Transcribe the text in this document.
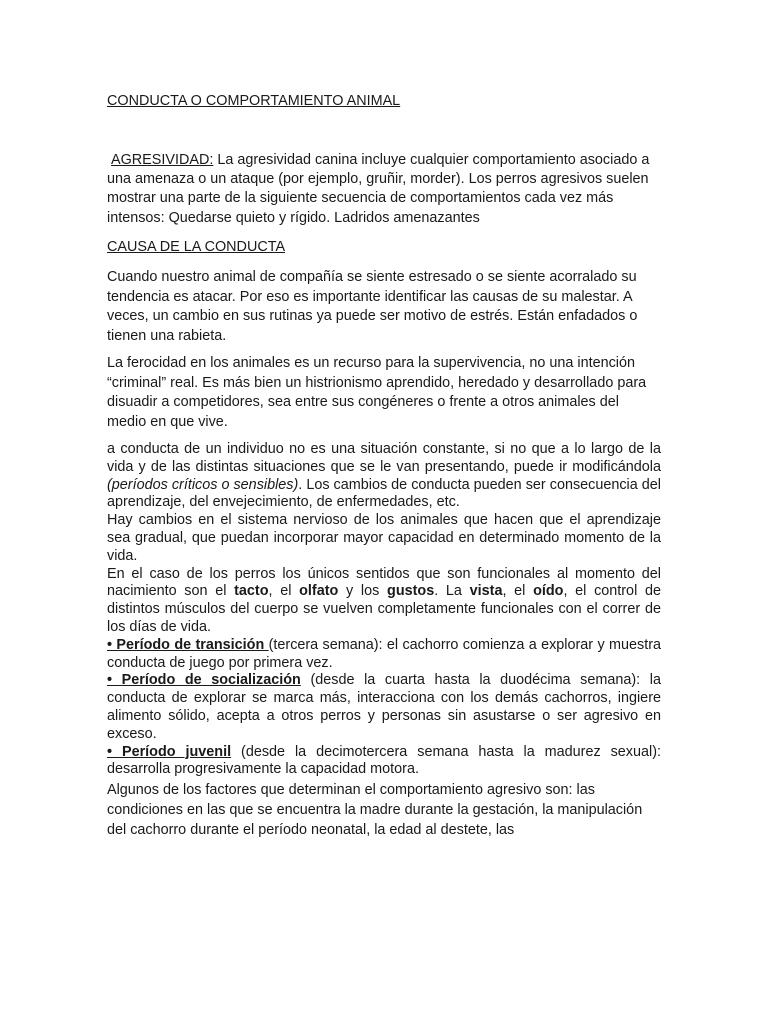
CONDUCTA O COMPORTAMIENTO ANIMAL
AGRESIVIDAD: La agresividad canina incluye cualquier comportamiento asociado a una amenaza o un ataque (por ejemplo, gruñir, morder). Los perros agresivos suelen mostrar una parte de la siguiente secuencia de comportamientos cada vez más intensos: Quedarse quieto y rígido. Ladridos amenazantes
CAUSA DE LA CONDUCTA
Cuando nuestro animal de compañía se siente estresado o se siente acorralado su tendencia es atacar. Por eso es importante identificar las causas de su malestar. A veces, un cambio en sus rutinas ya puede ser motivo de estrés. Están enfadados o tienen una rabieta.
La ferocidad en los animales es un recurso para la supervivencia, no una intención “criminal” real. Es más bien un histrionismo aprendido, heredado y desarrollado para disuadir a competidores, sea entre sus congéneres o frente a otros animales del medio en que vive.

a conducta de un individuo no es una situación constante, si no que a lo largo de la vida y de las distintas situaciones que se le van presentando, puede ir modificándola (períodos críticos o sensibles). Los cambios de conducta pueden ser consecuencia del aprendizaje, del envejecimiento, de enfermedades, etc.

Hay cambios en el sistema nervioso de los animales que hacen que el aprendizaje sea gradual, que puedan incorporar mayor capacidad en determinado momento de la vida.

En el caso de los perros los únicos sentidos que son funcionales al momento del nacimiento son el tacto, el olfato y los gustos. La vista, el oído, el control de distintos músculos del cuerpo se vuelven completamente funcionales con el correr de los días de vida.

• Período de transición (tercera semana): el cachorro comienza a explorar y muestra conducta de juego por primera vez.

• Período de socialización (desde la cuarta hasta la duodécima semana): la conducta de explorar se marca más, interacciona con los demás cachorros, ingiere alimento sólido, acepta a otros perros y personas sin asustarse o ser agresivo en exceso.

• Período juvenil (desde la decimotercera semana hasta la madurez sexual): desarrolla progresivamente la capacidad motora.

Algunos de los factores que determinan el comportamiento agresivo son: las condiciones en las que se encuentra la madre durante la gestación, la manipulación del cachorro durante el período neonatal, la edad al destete, las
